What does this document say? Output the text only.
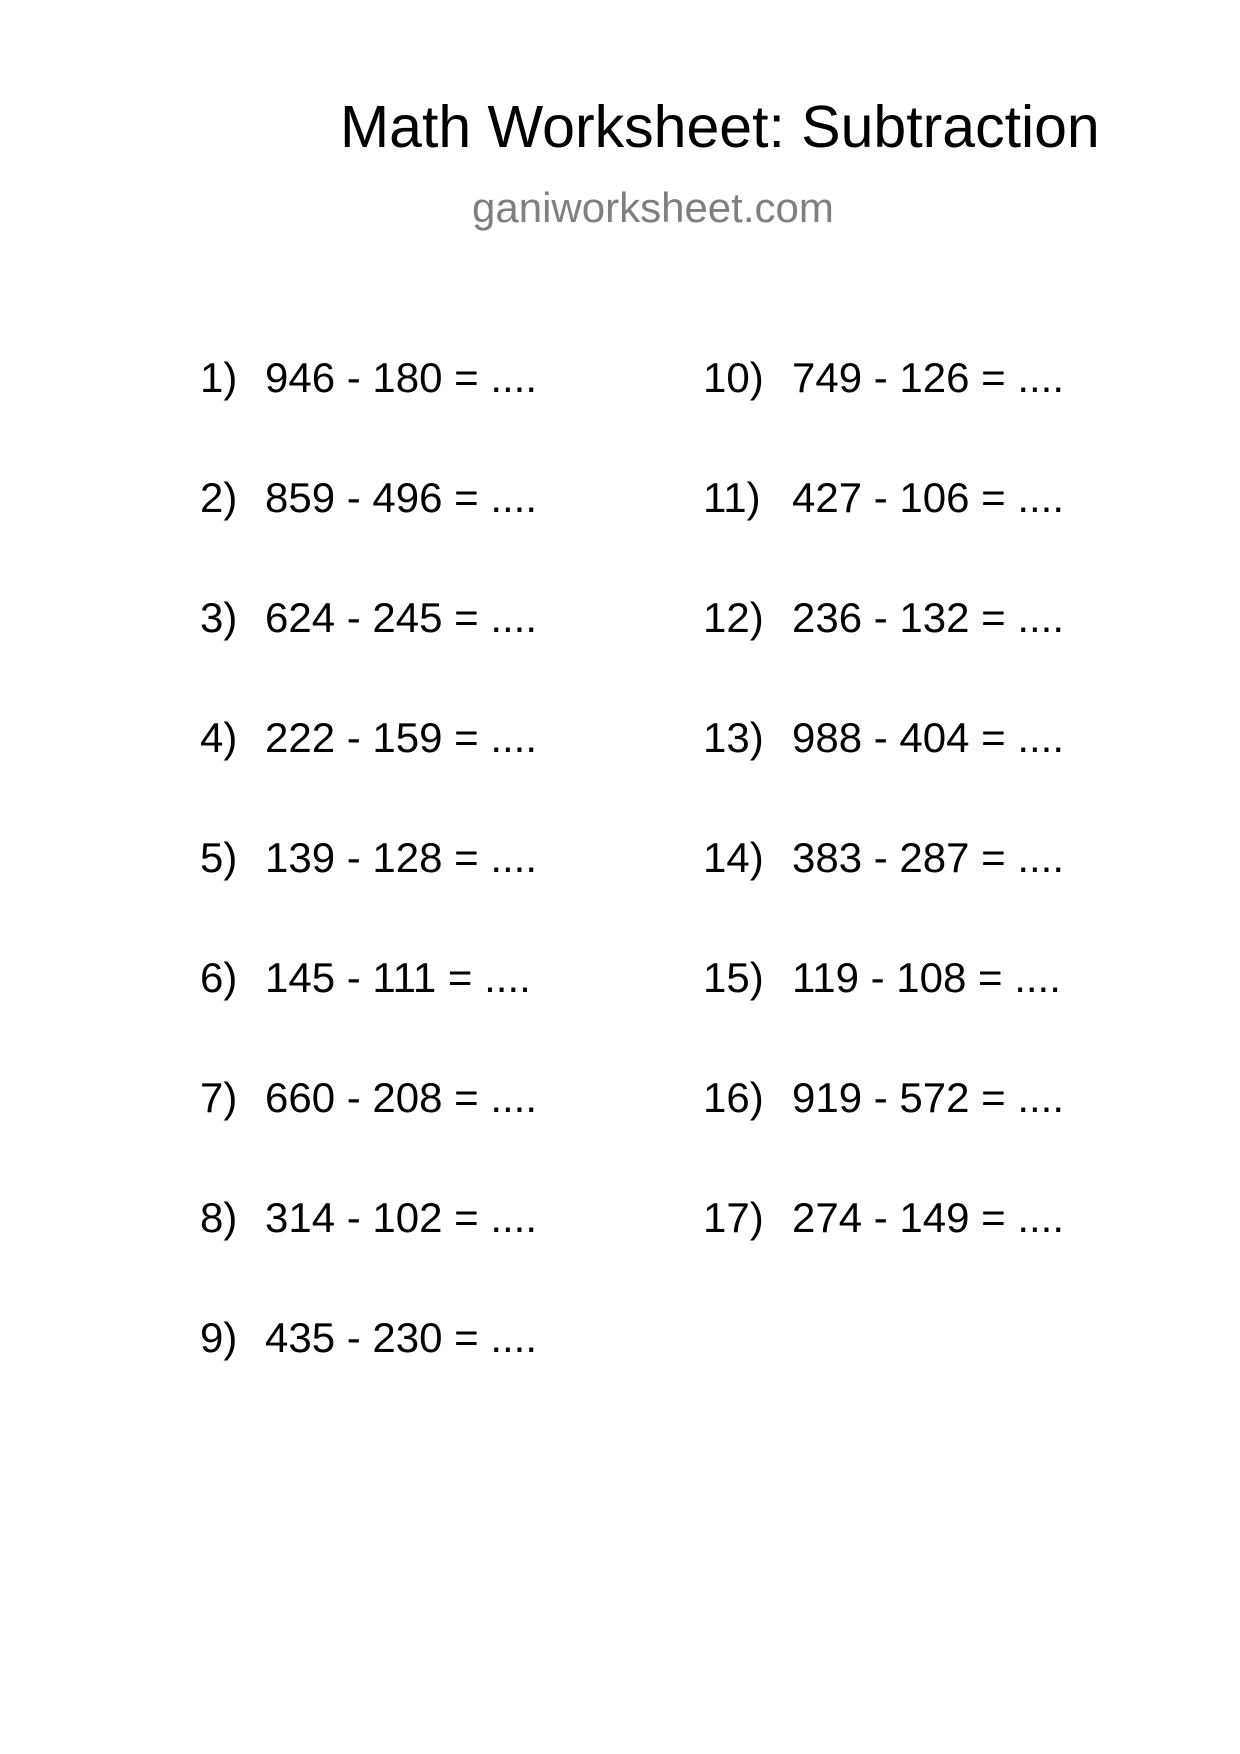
Math Worksheet: Subtraction

ganiworksheet.com

1) 946 - 180 = ....
2) 859 - 496 = ....
3) 624 - 245 = ....
4) 222 - 159 = ....
5) 139 - 128 = ....
6) 145 - 111 = ....
7) 660 - 208 = ....
8) 314 - 102 = ....
9) 435 - 230 = ....
10) 749 - 126 = ....
11) 427 - 106 = ....
12) 236 - 132 = ....
13) 988 - 404 = ....
14) 383 - 287 = ....
15) 119 - 108 = ....
16) 919 - 572 = ....
17) 274 - 149 = ....
